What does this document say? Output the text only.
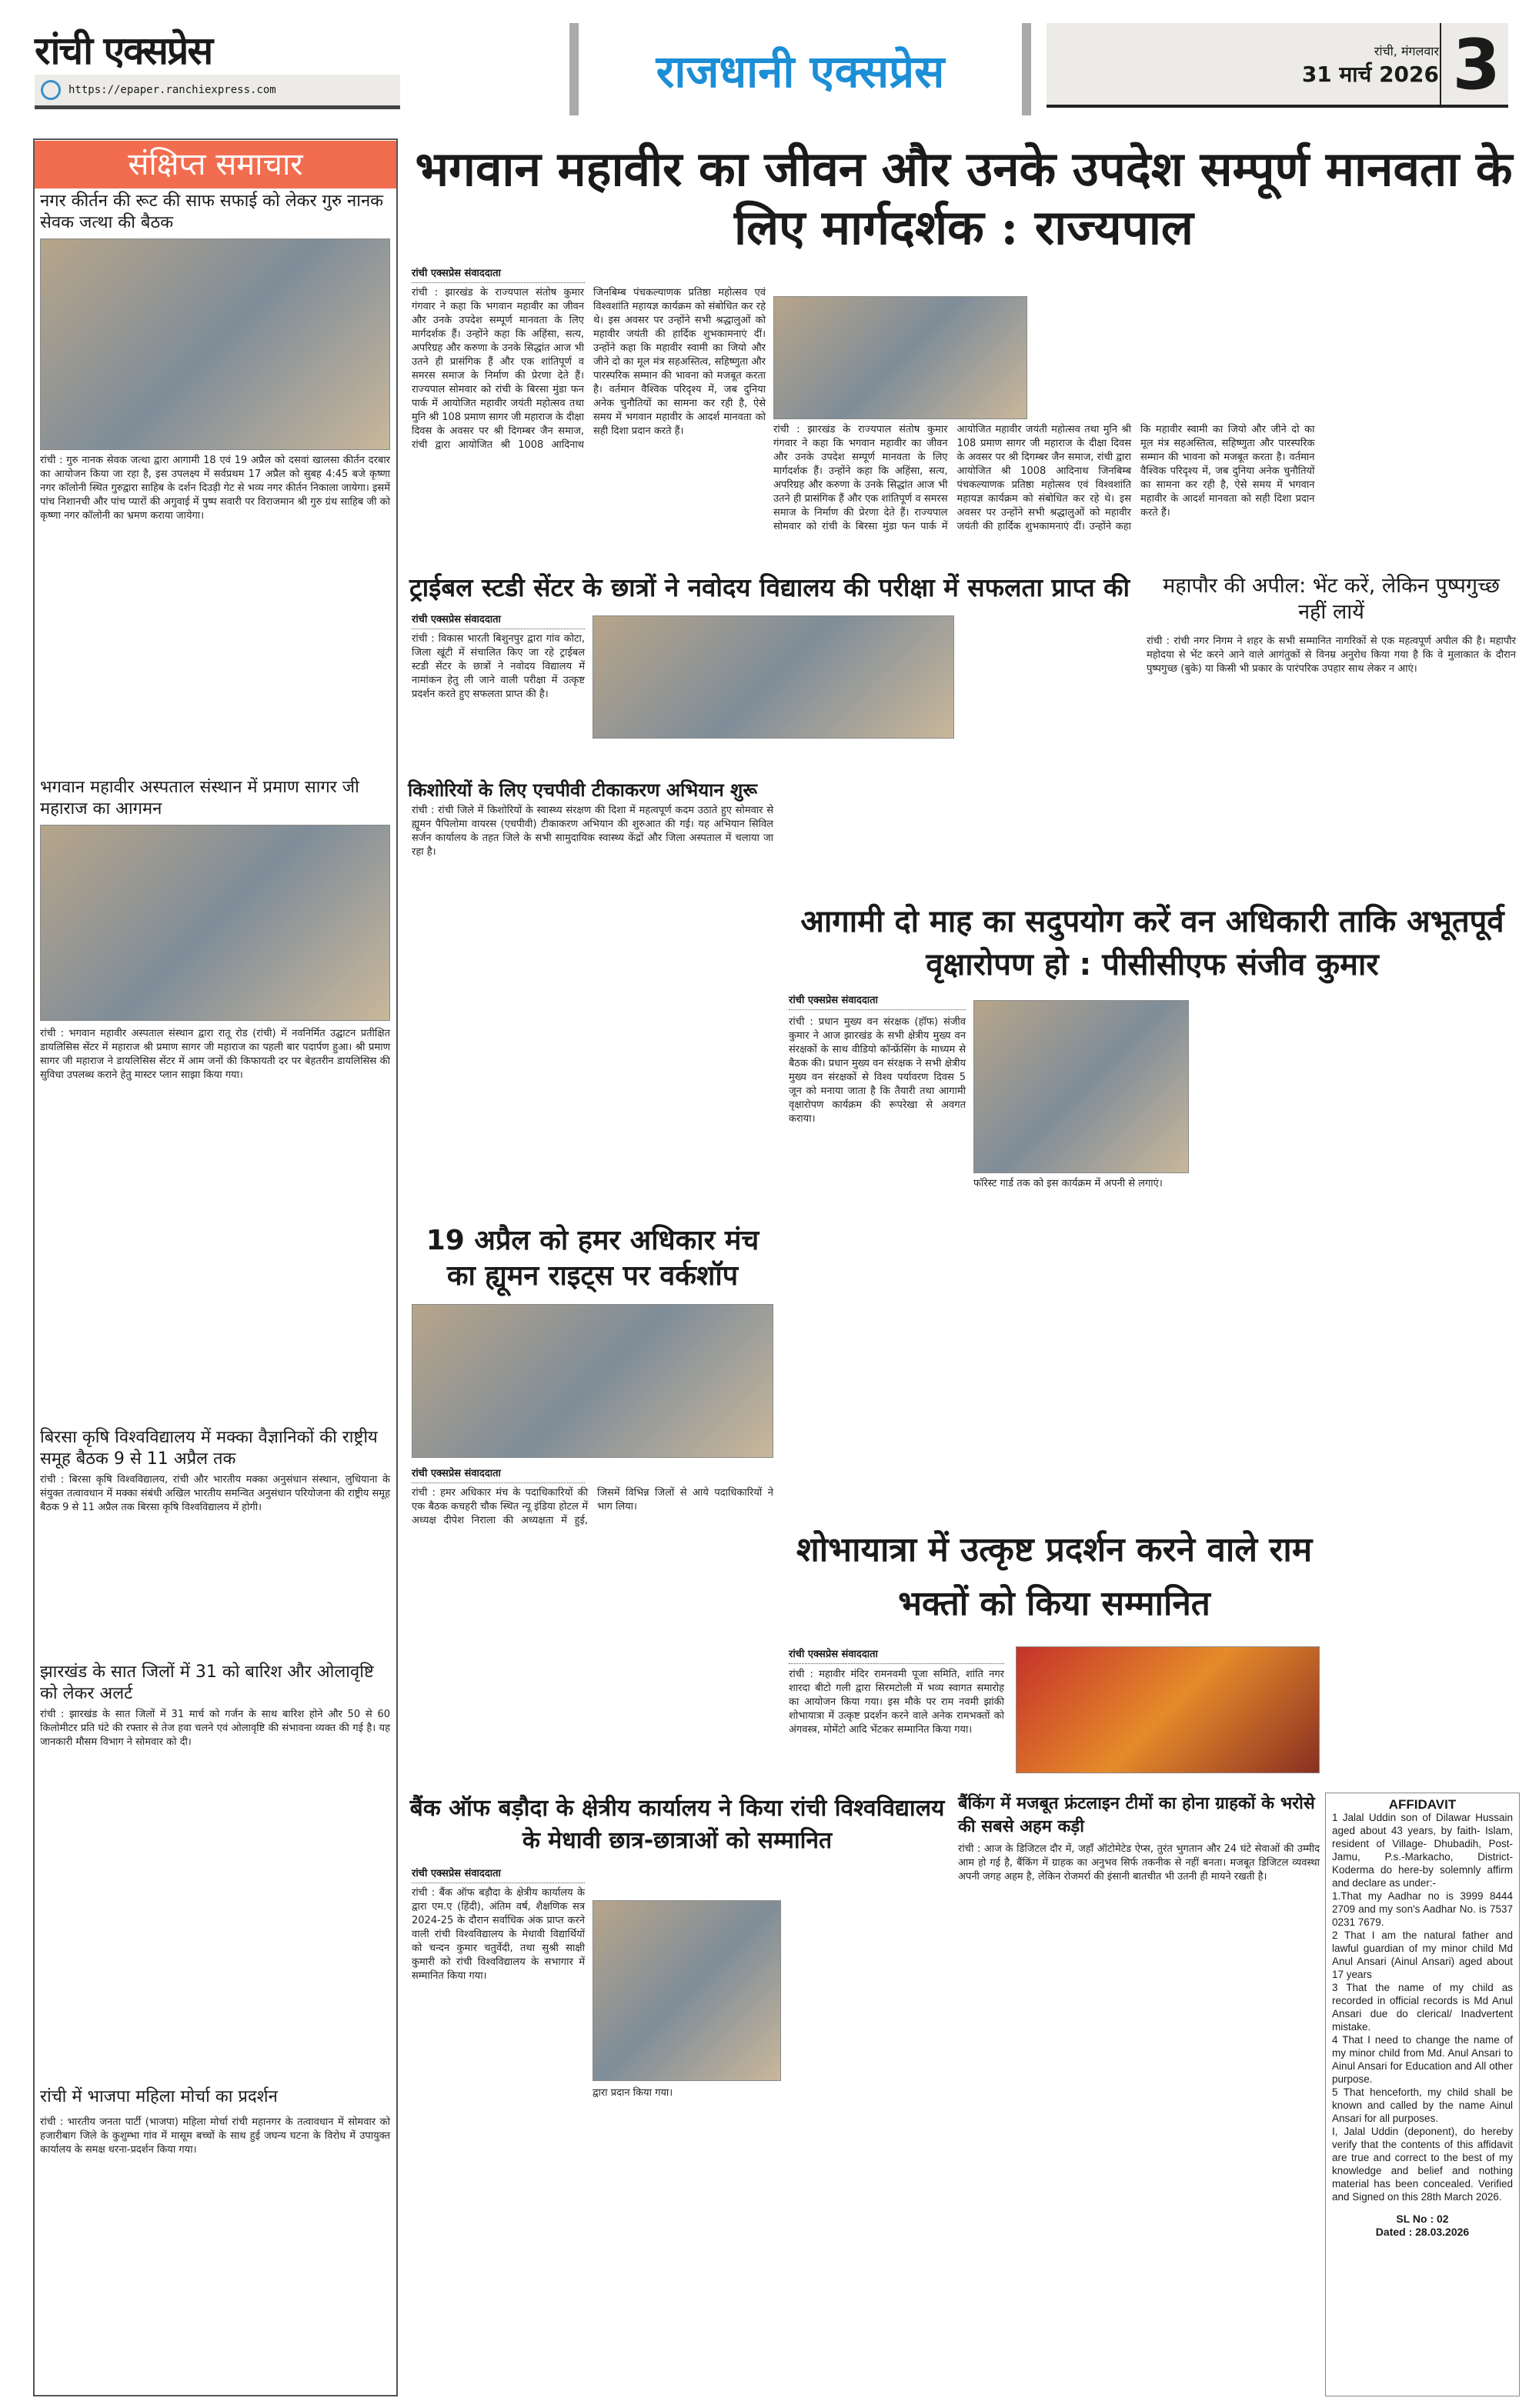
रांची एक्सप्रेस
https://epaper.ranchiexpress.com	राजधानी एक्सप्रेस	रांची, मंगलवार
31 मार्च 2026 3
संक्षिप्त समाचार
नगर कीर्तन की रूट की साफ सफाई को लेकर गुरु नानक सेवक जत्था की बैठक
रांची : गुरु नानक सेवक जत्था द्वारा आगामी 18 एवं 19 अप्रैल को दसवां खालसा कीर्तन दरबार का आयोजन किया जा रहा है, इस उपलक्ष्य में सर्वप्रथम 17 अप्रैल को सुबह 4:45 बजे कृष्णा नगर कॉलोनी स्थित गुरुद्वारा साहिब के दर्शन दिउड़ी गेट से भव्य नगर कीर्तन निकाला जायेगा। इसमें पांच निशानची और पांच प्यारों की अगुवाई में पुष्प सवारी पर विराजमान श्री गुरु ग्रंथ साहिब जी को कृष्णा नगर कॉलोनी का भ्रमण कराया जायेगा।
भगवान महावीर अस्पताल संस्थान में प्रमाण सागर जी महाराज का आगमन
रांची : भगवान महावीर अस्पताल संस्थान द्वारा रातू रोड (रांची) में नवनिर्मित उद्घाटन प्रतीक्षित डायलिसिस सेंटर में महाराज श्री प्रमाण सागर जी महाराज का पहली बार पदार्पण हुआ। श्री प्रमाण सागर जी महाराज ने डायलिसिस सेंटर में आम जनों की किफायती दर पर बेहतरीन डायलिसिस की सुविधा उपलब्ध कराने हेतु मास्टर प्लान साझा किया गया।
बिरसा कृषि विश्वविद्यालय में मक्का वैज्ञानिकों की राष्ट्रीय समूह बैठक 9 से 11 अप्रैल तक
रांची : बिरसा कृषि विश्वविद्यालय, रांची और भारतीय मक्का अनुसंधान संस्थान, लुधियाना के संयुक्त तत्वावधान में मक्का संबंधी अखिल भारतीय समन्वित अनुसंधान परियोजना की राष्ट्रीय समूह बैठक 9 से 11 अप्रैल तक बिरसा कृषि विश्वविद्यालय में होगी।
झारखंड के सात जिलों में 31 को बारिश और ओलावृष्टि को लेकर अलर्ट
रांची : झारखंड के सात जिलों में 31 मार्च को गर्जन के साथ बारिश होने और 50 से 60 किलोमीटर प्रति घंटे की रफ्तार से तेज हवा चलने एवं ओलावृष्टि की संभावना व्यक्त की गई है। यह जानकारी मौसम विभाग ने सोमवार को दी।
रांची में भाजपा महिला मोर्चा का प्रदर्शन
रांची : भारतीय जनता पार्टी (भाजपा) महिला मोर्चा रांची महानगर के तत्वावधान में सोमवार को हजारीबाग जिले के कुशुम्भा गांव में मासूम बच्चों के साथ हुई जघन्य घटना के विरोध में उपायुक्त कार्यालय के समक्ष धरना-प्रदर्शन किया गया।
भगवान महावीर का जीवन और उनके उपदेश सम्पूर्ण मानवता के लिए मार्गदर्शक : राज्यपाल
रांची एक्सप्रेस संवाददाता
रांची : झारखंड के राज्यपाल संतोष कुमार गंगवार ने कहा कि भगवान महावीर का जीवन और उनके उपदेश सम्पूर्ण मानवता के लिए मार्गदर्शक हैं। उन्होंने कहा कि अहिंसा, सत्य, अपरिग्रह और करुणा के उनके सिद्धांत आज भी उतने ही प्रासंगिक हैं और एक शांतिपूर्ण व समरस समाज के निर्माण की प्रेरणा देते हैं। राज्यपाल सोमवार को रांची के बिरसा मुंडा फन पार्क में आयोजित महावीर जयंती महोत्सव तथा मुनि श्री 108 प्रमाण सागर जी महाराज के दीक्षा दिवस के अवसर पर श्री दिगम्बर जैन समाज, रांची द्वारा आयोजित श्री 1008 आदिनाथ जिनबिम्ब पंचकल्याणक प्रतिष्ठा महोत्सव एवं विश्वशांति महायज्ञ कार्यक्रम को संबोधित कर रहे थे। इस अवसर पर उन्होंने सभी श्रद्धालुओं को महावीर जयंती की हार्दिक शुभकामनाएं दीं। उन्होंने कहा कि महावीर स्वामी का जियो और जीने दो का मूल मंत्र सहअस्तित्व, सहिष्णुता और पारस्परिक सम्मान की भावना को मजबूत करता है। वर्तमान वैश्विक परिदृश्य में, जब दुनिया अनेक चुनौतियों का सामना कर रही है, ऐसे समय में भगवान महावीर के आदर्श मानवता को सही दिशा प्रदान करते हैं।	रांची : झारखंड के राज्यपाल संतोष कुमार गंगवार ने कहा कि भगवान महावीर का जीवन और उनके उपदेश सम्पूर्ण मानवता के लिए मार्गदर्शक हैं। उन्होंने कहा कि अहिंसा, सत्य, अपरिग्रह और करुणा के उनके सिद्धांत आज भी उतने ही प्रासंगिक हैं और एक शांतिपूर्ण व समरस समाज के निर्माण की प्रेरणा देते हैं। राज्यपाल सोमवार को रांची के बिरसा मुंडा फन पार्क में आयोजित महावीर जयंती महोत्सव तथा मुनि श्री 108 प्रमाण सागर जी महाराज के दीक्षा दिवस के अवसर पर श्री दिगम्बर जैन समाज, रांची द्वारा आयोजित श्री 1008 आदिनाथ जिनबिम्ब पंचकल्याणक प्रतिष्ठा महोत्सव एवं विश्वशांति महायज्ञ कार्यक्रम को संबोधित कर रहे थे। इस अवसर पर उन्होंने सभी श्रद्धालुओं को महावीर जयंती की हार्दिक शुभकामनाएं दीं। उन्होंने कहा कि महावीर स्वामी का जियो और जीने दो का मूल मंत्र सहअस्तित्व, सहिष्णुता और पारस्परिक सम्मान की भावना को मजबूत करता है। वर्तमान वैश्विक परिदृश्य में, जब दुनिया अनेक चुनौतियों का सामना कर रही है, ऐसे समय में भगवान महावीर के आदर्श मानवता को सही दिशा प्रदान करते हैं।
महापौर की अपील: भेंट करें, लेकिन पुष्पगुच्छ नहीं लायें
रांची : रांची नगर निगम ने शहर के सभी सम्मानित नागरिकों से एक महत्वपूर्ण अपील की है। महापौर महोदया से भेंट करने आने वाले आगंतुकों से विनम्र अनुरोध किया गया है कि वे मुलाकात के दौरान पुष्पगुच्छ (बुके) या किसी भी प्रकार के पारंपरिक उपहार साथ लेकर न आएं।
ट्राईबल स्टडी सेंटर के छात्रों ने नवोदय विद्यालय की परीक्षा में सफलता प्राप्त की
रांची एक्सप्रेस संवाददाता
रांची : विकास भारती बिशुनपुर द्वारा गांव कोटा, जिला खूंटी में संचालित किए जा रहे ट्राईबल स्टडी सेंटर के छात्रों ने नवोदय विद्यालय में नामांकन हेतु ली जाने वाली परीक्षा में उत्कृष्ट प्रदर्शन करते हुए सफलता प्राप्त की है।
किशोरियों के लिए एचपीवी टीकाकरण अभियान शुरू
रांची : रांची जिले में किशोरियों के स्वास्थ्य संरक्षण की दिशा में महत्वपूर्ण कदम उठाते हुए सोमवार से ह्यूमन पैपिलोमा वायरस (एचपीवी) टीकाकरण अभियान की शुरुआत की गई। यह अभियान सिविल सर्जन कार्यालय के तहत जिले के सभी सामुदायिक स्वास्थ्य केंद्रों और जिला अस्पताल में चलाया जा रहा है।
19 अप्रैल को हमर अधिकार मंच का ह्यूमन राइट्स पर वर्कशॉप
रांची एक्सप्रेस संवाददाता
रांची : हमर अधिकार मंच के पदाधिकारियों की एक बैठक कचहरी चौक स्थित न्यू इंडिया होटल में अध्यक्ष दीपेश निराला की अध्यक्षता में हुई, जिसमें विभिन्न जिलों से आये पदाधिकारियों ने भाग लिया।
आगामी दो माह का सदुपयोग करें वन अधिकारी ताकि अभूतपूर्व वृक्षारोपण हो : पीसीसीएफ संजीव कुमार
रांची एक्सप्रेस संवाददाता
रांची : प्रधान मुख्य वन संरक्षक (हॉफ) संजीव कुमार ने आज झारखंड के सभी क्षेत्रीय मुख्य वन संरक्षकों के साथ वीडियो कॉन्फ्रेंसिंग के माध्यम से बैठक की। प्रधान मुख्य वन संरक्षक ने सभी क्षेत्रीय मुख्य वन संरक्षकों से विश्व पर्यावरण दिवस 5 जून को मनाया जाता है कि तैयारी तथा आगामी वृक्षारोपण कार्यक्रम की रूपरेखा से अवगत कराया।
फॉरेस्ट गार्ड तक को इस कार्यक्रम में अपनी से लगाएं।
शोभायात्रा में उत्कृष्ट प्रदर्शन करने वाले राम भक्तों को किया सम्मानित
रांची एक्सप्रेस संवाददाता
रांची : महावीर मंदिर रामनवमी पूजा समिति, शांति नगर शारदा बीटो गली द्वारा सिरमटोली में भव्य स्वागत समारोह का आयोजन किया गया। इस मौके पर राम नवमी झांकी शोभायात्रा में उत्कृष्ट प्रदर्शन करने वाले अनेक रामभक्तों को अंगवस्त्र, मोमेंटो आदि भेंटकर सम्मानित किया गया।
बैंक ऑफ बड़ौदा के क्षेत्रीय कार्यालय ने किया रांची विश्वविद्यालय के मेधावी छात्र-छात्राओं को सम्मानित
रांची एक्सप्रेस संवाददाता
रांची : बैंक ऑफ बड़ौदा के क्षेत्रीय कार्यालय के द्वारा एम.ए (हिंदी), अंतिम वर्ष, शैक्षणिक सत्र 2024-25 के दौरान सर्वाधिक अंक प्राप्त करने वाली रांची विश्वविद्यालय के मेधावी विद्यार्थियों को चन्दन कुमार चतुर्वेदी, तथा सुश्री साक्षी कुमारी को रांची विश्वविद्यालय के सभागार में सम्मानित किया गया।
द्वारा प्रदान किया गया।
बैंकिंग में मजबूत फ्रंटलाइन टीमों का होना ग्राहकों के भरोसे की सबसे अहम कड़ी
रांची : आज के डिजिटल दौर में, जहाँ ऑटोमेटेड ऐप्स, तुरंत भुगतान और 24 घंटे सेवाओं की उम्मीद आम हो गई है, बैंकिंग में ग्राहक का अनुभव सिर्फ तकनीक से नहीं बनता। मजबूत डिजिटल व्यवस्था अपनी जगह अहम है, लेकिन रोजमर्रा की इंसानी बातचीत भी उतनी ही मायने रखती है।
AFFIDAVIT

1 Jalal Uddin son of Dilawar Hussain aged about 43 years, by faith- Islam, resident of Village- Dhubadih, Post-Jamu, P.s.-Markacho, District- Koderma do here-by solemnly affirm and declare as under:-

1.That my Aadhar no is 3999 8444 2709 and my son's Aadhar No. is 7537 0231 7679.

2 That I am the natural father and lawful guardian of my minor child Md Anul Ansari (Ainul Ansari) aged about 17 years

3 That the name of my child as recorded in official records is Md Anul Ansari due do clerical/ Inadvertent mistake.

4 That I need to change the name of my minor child from Md. Anul Ansari to Ainul Ansari for Education and All other purpose.

5 That henceforth, my child shall be known and called by the name Ainul Ansari for all purposes.

I, Jalal Uddin (deponent), do hereby verify that the contents of this affidavit are true and correct to the best of my knowledge and belief and nothing material has been concealed. Verified and Signed on this 28th March 2026.

SL No : 02
Dated : 28.03.2026
